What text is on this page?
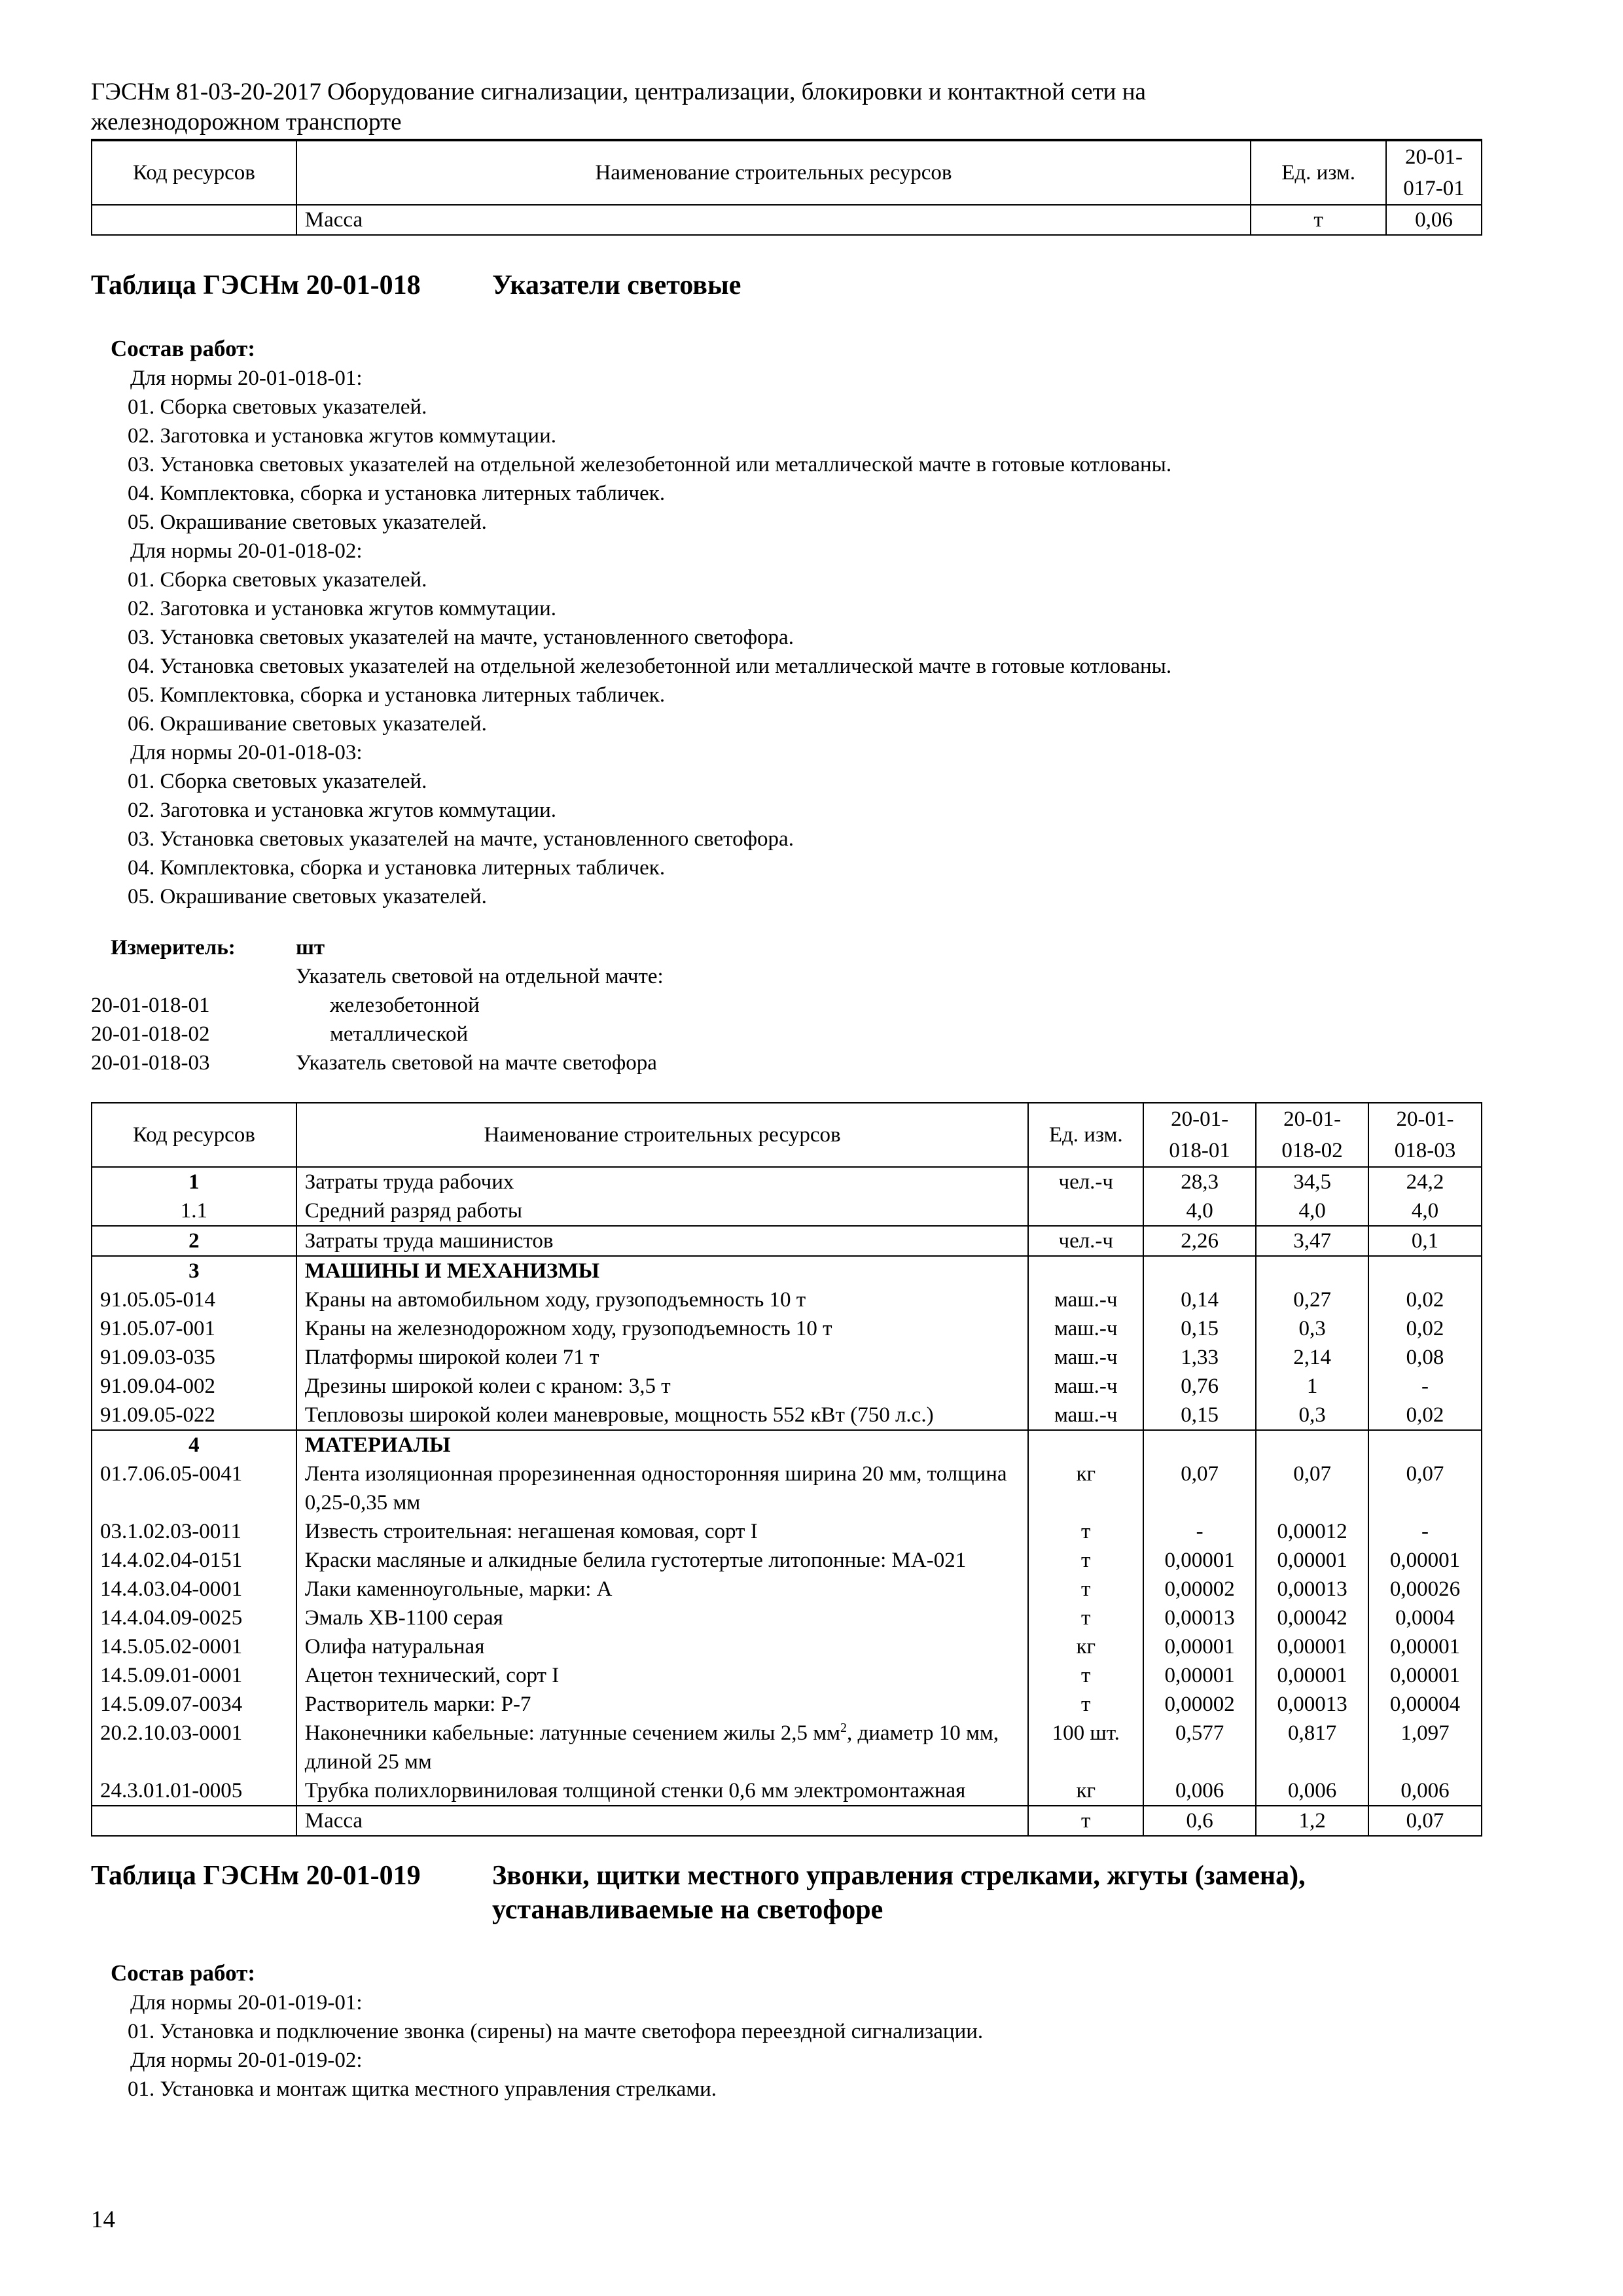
ГЭСНм 81-03-20-2017 Оборудование сигнализации, централизации, блокировки и контактной сети на
железнодорожном транспорте
Код ресурсов	Наименование строительных ресурсов	Ед. изм.	20-01-
017-01
	Масса	т	0,06
Таблица ГЭСНм 20-01-018	Указатели световые
Состав работ:
Для нормы 20-01-018-01:
01. Сборка световых указателей.
02. Заготовка и установка жгутов коммутации.
03. Установка световых указателей на отдельной железобетонной или металлической мачте в готовые котлованы.
04. Комплектовка, сборка и установка литерных табличек.
05. Окрашивание световых указателей.
Для нормы 20-01-018-02:
01. Сборка световых указателей.
02. Заготовка и установка жгутов коммутации.
03. Установка световых указателей на мачте, установленного светофора.
04. Установка световых указателей на отдельной железобетонной или металлической мачте в готовые котлованы.
05. Комплектовка, сборка и установка литерных табличек.
06. Окрашивание световых указателей.
Для нормы 20-01-018-03:
01. Сборка световых указателей.
02. Заготовка и установка жгутов коммутации.
03. Установка световых указателей на мачте, установленного светофора.
04. Комплектовка, сборка и установка литерных табличек.
05. Окрашивание световых указателей.
Измеритель:	шт
Указатель световой на отдельной мачте:
20-01-018-01	железобетонной
20-01-018-02	металлической
20-01-018-03	Указатель световой на мачте светофора
Код ресурсов	Наименование строительных ресурсов	Ед. изм.	20-01-
018-01	20-01-
018-02	20-01-
018-03
1	Затраты труда рабочих	чел.-ч	28,3	34,5	24,2
1.1	Средний разряд работы		4,0	4,0	4,0
2	Затраты труда машинистов	чел.-ч	2,26	3,47	0,1
3	МАШИНЫ И МЕХАНИЗМЫ				
91.05.05-014	Краны на автомобильном ходу, грузоподъемность 10 т	маш.-ч	0,14	0,27	0,02
91.05.07-001	Краны на железнодорожном ходу, грузоподъемность 10 т	маш.-ч	0,15	0,3	0,02
91.09.03-035	Платформы широкой колеи 71 т	маш.-ч	1,33	2,14	0,08
91.09.04-002	Дрезины широкой колеи с краном: 3,5 т	маш.-ч	0,76	1	-
91.09.05-022	Тепловозы широкой колеи маневровые, мощность 552 кВт (750 л.с.)	маш.-ч	0,15	0,3	0,02
4	МАТЕРИАЛЫ				
01.7.06.05-0041	Лента изоляционная прорезиненная односторонняя ширина 20 мм, толщина 0,25-0,35 мм	кг	0,07	0,07	0,07
03.1.02.03-0011	Известь строительная: негашеная комовая, сорт I	т	-	0,00012	-
14.4.02.04-0151	Краски масляные и алкидные белила густотертые литопонные: МА-021	т	0,00001	0,00001	0,00001
14.4.03.04-0001	Лаки каменноугольные, марки: А	т	0,00002	0,00013	0,00026
14.4.04.09-0025	Эмаль ХВ-1100 серая	т	0,00013	0,00042	0,0004
14.5.05.02-0001	Олифа натуральная	кг	0,00001	0,00001	0,00001
14.5.09.01-0001	Ацетон технический, сорт I	т	0,00001	0,00001	0,00001
14.5.09.07-0034	Растворитель марки: Р-7	т	0,00002	0,00013	0,00004
20.2.10.03-0001	Наконечники кабельные: латунные сечением жилы 2,5 $мм^2$, диаметр 10 мм, длиной 25 мм	100 шт.	0,577	0,817	1,097
24.3.01.01-0005	Трубка полихлорвиниловая толщиной стенки 0,6 мм электромонтажная	кг	0,006	0,006	0,006
	Масса	т	0,6	1,2	0,07
Таблица ГЭСНм 20-01-019	Звонки, щитки местного управления стрелками, жгуты (замена),
устанавливаемые на светофоре
Состав работ:
Для нормы 20-01-019-01:
01. Установка и подключение звонка (сирены) на мачте светофора переездной сигнализации.
Для нормы 20-01-019-02:
01. Установка и монтаж щитка местного управления стрелками.
14
